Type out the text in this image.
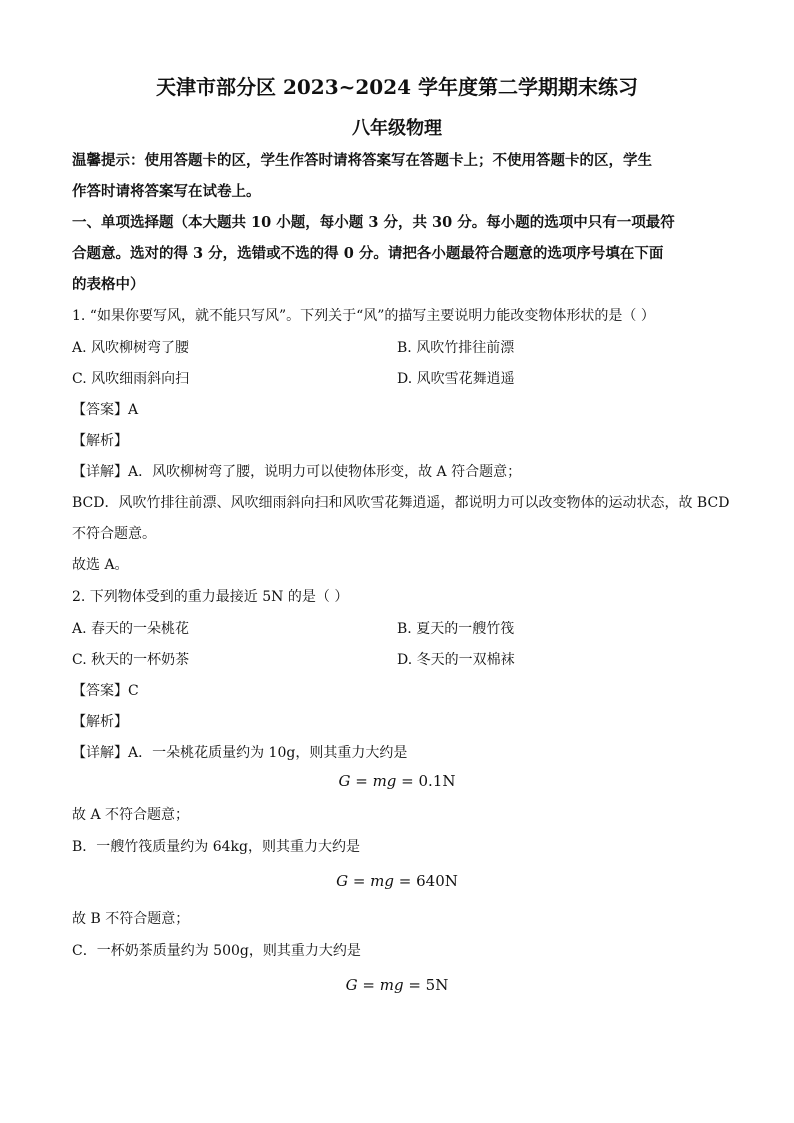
天津市部分区 2023~2024 学年度第二学期期末练习
八年级物理
温馨提示：使用答题卡的区，学生作答时请将答案写在答题卡上；不使用答题卡的区，学生
作答时请将答案写在试卷上。
一、单项选择题（本大题共 10 小题，每小题 3 分，共 30 分。每小题的选项中只有一项最符
合题意。选对的得 3 分，选错或不选的得 0 分。请把各小题最符合题意的选项序号填在下面
的表格中）
1. “如果你要写风，就不能只写风”。下列关于“风”的描写主要说明力能改变物体形状的是（ ）
A. 风吹柳树弯了腰	B. 风吹竹排往前漂
C. 风吹细雨斜向扫	D. 风吹雪花舞逍遥
【答案】A
【解析】
【详解】A．风吹柳树弯了腰，说明力可以使物体形变，故 A 符合题意；
BCD．风吹竹排往前漂、风吹细雨斜向扫和风吹雪花舞逍遥，都说明力可以改变物体的运动状态，故 BCD
不符合题意。
故选 A。
2. 下列物体受到的重力最接近 5N 的是（ ）
A. 春天的一朵桃花	B. 夏天的一艘竹筏
C. 秋天的一杯奶茶	D. 冬天的一双棉袜
【答案】C
【解析】
【详解】A．一朵桃花质量约为 10g，则其重力大约是
G = mg = 0.1N
故 A 不符合题意；
B．一艘竹筏质量约为 64kg，则其重力大约是
G = mg = 640N
故 B 不符合题意；
C．一杯奶茶质量约为 500g，则其重力大约是
G = mg = 5N
